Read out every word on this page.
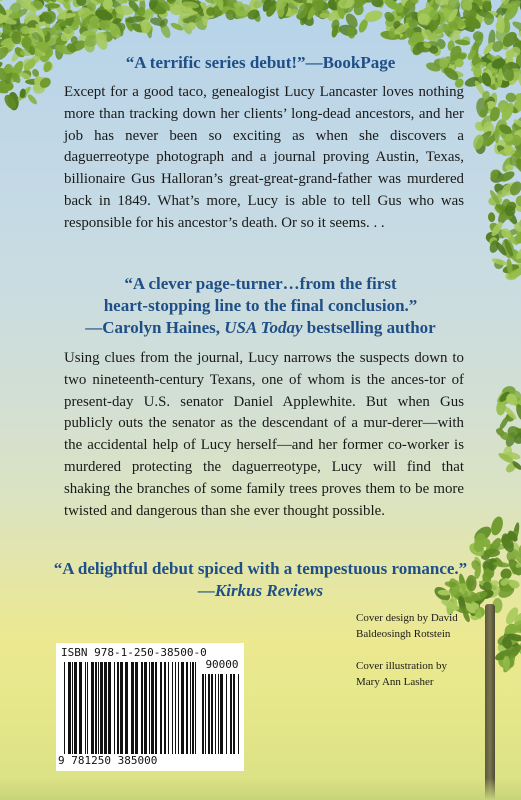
“A terrific series debut!”—BookPage

Except for a good taco, genealogist Lucy Lancaster loves nothing more than tracking down her clients’ long-dead ancestors, and her job has never been so exciting as when she discovers a daguerreotype photograph and a journal proving Austin, Texas, billionaire Gus Halloran’s great-great-grand-father was murdered back in 1849. What’s more, Lucy is able to tell Gus who was responsible for his ancestor’s death. Or so it seems. . .

“A clever page-turner…from the first
heart-stopping line to the final conclusion.”
—Carolyn Haines, USA Today bestselling author

Using clues from the journal, Lucy narrows the suspects down to two nineteenth-century Texans, one of whom is the ances-tor of present-day U.S. senator Daniel Applewhite. But when Gus publicly outs the senator as the descendant of a mur-derer—with the accidental help of Lucy herself—and her former co-worker is murdered protecting the daguerreotype, Lucy will find that shaking the branches of some family trees proves them to be more twisted and dangerous than she ever thought possible.

“A delightful debut spiced with a tempestuous romance.”
—Kirkus Reviews

Cover design by David
Baldeosingh Rotstein

Cover illustration by
Mary Ann Lasher

ISBN 978-1-250-38500-0
90000
9 781250 385000
